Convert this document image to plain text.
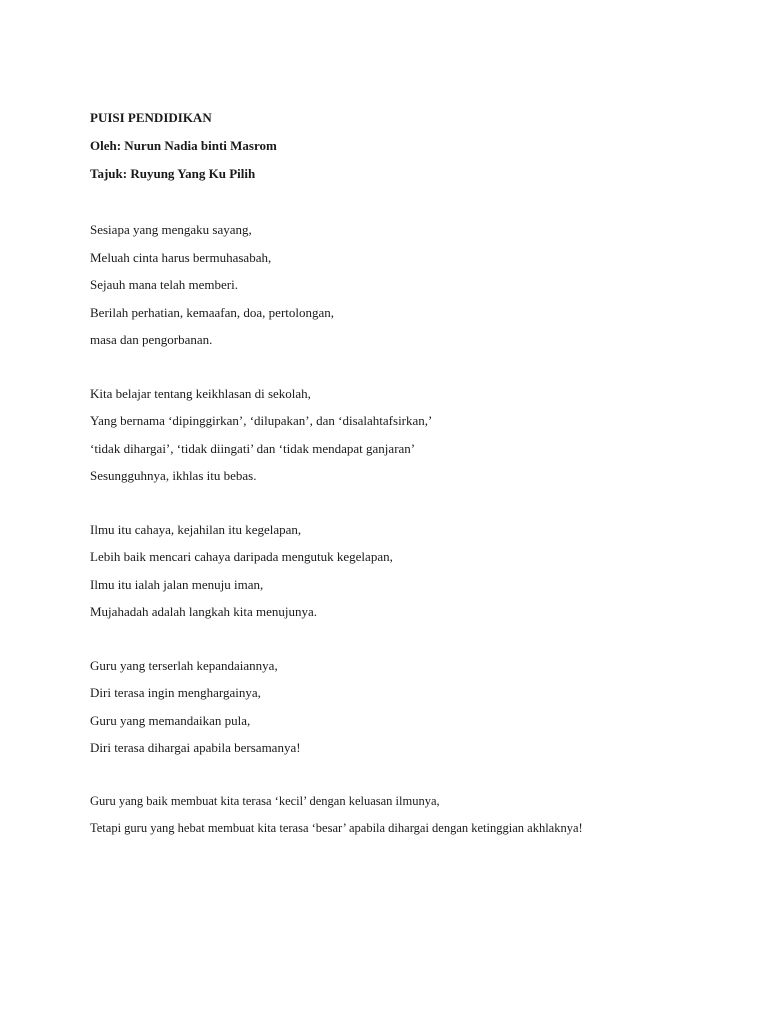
PUISI PENDIDIKAN
Oleh: Nurun Nadia binti Masrom
Tajuk: Ruyung Yang Ku Pilih
Sesiapa yang mengaku sayang,
Meluah cinta harus bermuhasabah,
Sejauh mana telah memberi.
Berilah perhatian, kemaafan, doa, pertolongan,
masa dan pengorbanan.
Kita belajar tentang keikhlasan di sekolah,
Yang bernama ‘dipinggirkan’, ‘dilupakan’, dan ‘disalahtafsirkan,’
‘tidak dihargai’, ‘tidak diingati’ dan ‘tidak mendapat ganjaran’
Sesungguhnya, ikhlas itu bebas.
Ilmu itu cahaya, kejahilan itu kegelapan,
Lebih baik mencari cahaya daripada mengutuk kegelapan,
Ilmu itu ialah jalan menuju iman,
Mujahadah adalah langkah kita menujunya.
Guru yang terserlah kepandaiannya,
Diri terasa ingin menghargainya,
Guru yang memandaikan pula,
Diri terasa dihargai apabila bersamanya!
Guru yang baik membuat kita terasa ‘kecil’ dengan keluasan ilmunya,
Tetapi guru yang hebat membuat kita terasa ‘besar’ apabila dihargai dengan ketinggian akhlaknya!
